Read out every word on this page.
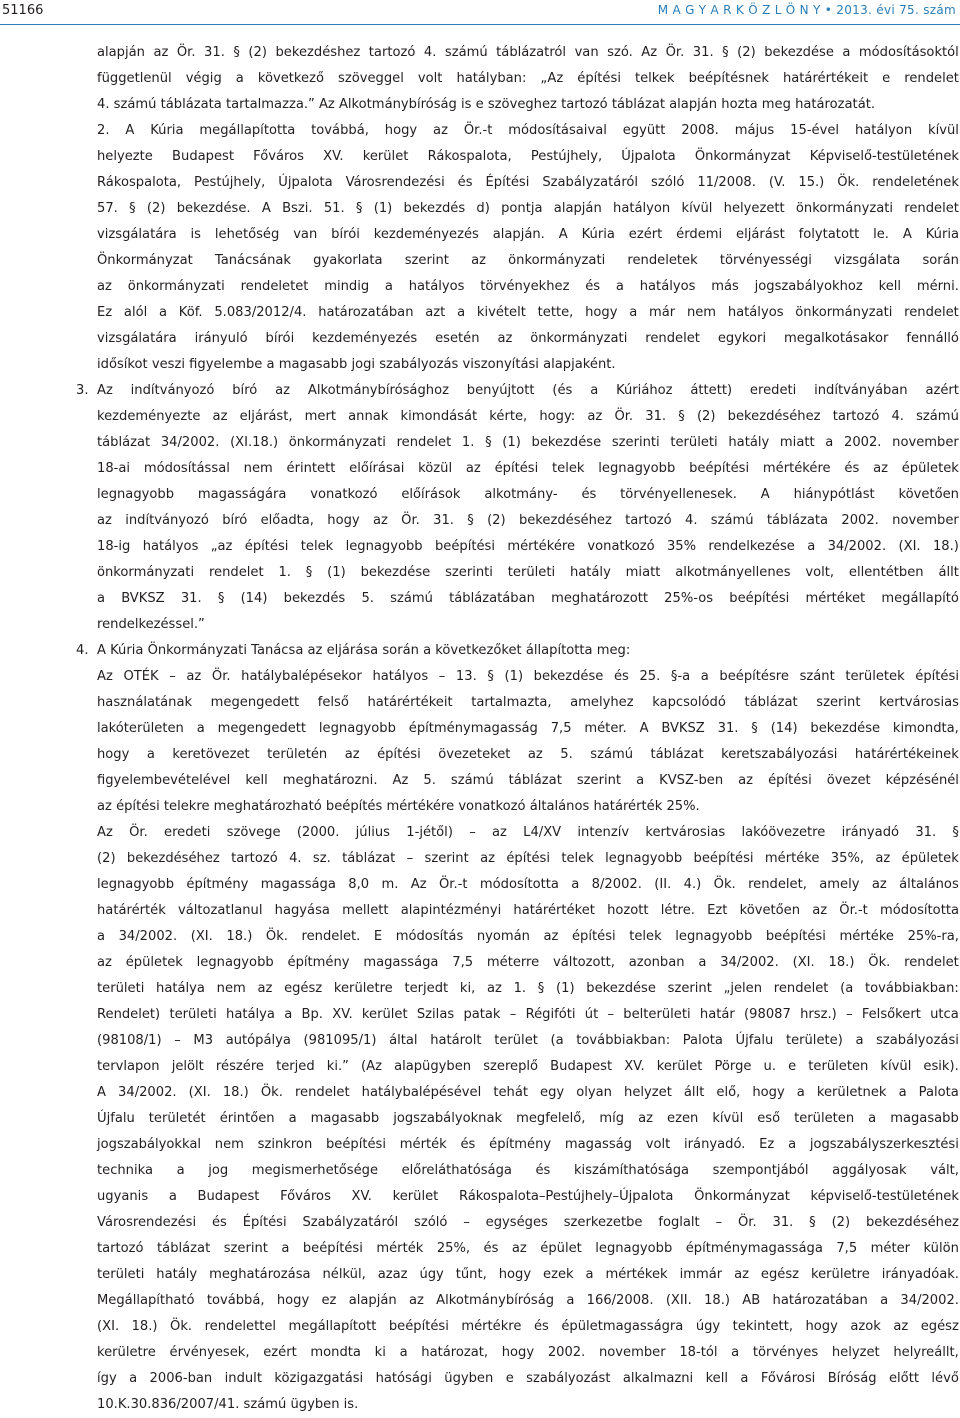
51166	M A G Y A R K Ö Z L Ö N Y • 2013. évi 75. szám
alapján az Ör. 31. § (2) bekezdéshez tartozó 4. számú táblázatról van szó. Az Ör. 31. § (2) bekezdése a módosításoktól
függetlenül végig a következő szöveggel volt hatályban: „Az építési telkek beépítésnek határértékeit e rendelet
4. számú táblázata tartalmazza.” Az Alkotmánybíróság is e szöveghez tartozó táblázat alapján hozta meg határozatát.
2. A Kúria megállapította továbbá, hogy az Ör.-t módosításaival együtt 2008. május 15-ével hatályon kívül
helyezte Budapest Főváros XV. kerület Rákospalota, Pestújhely, Újpalota Önkormányzat Képviselő-testületének
Rákospalota, Pestújhely, Újpalota Városrendezési és Építési Szabályzatáról szóló 11/2008. (V. 15.) Ök. rendeletének
57. § (2) bekezdése. A Bszi. 51. § (1) bekezdés d) pontja alapján hatályon kívül helyezett önkormányzati rendelet
vizsgálatára is lehetőség van bírói kezdeményezés alapján. A Kúria ezért érdemi eljárást folytatott le. A Kúria
Önkormányzat Tanácsának gyakorlata szerint az önkormányzati rendeletek törvényességi vizsgálata során
az önkormányzati rendeletet mindig a hatályos törvényekhez és a hatályos más jogszabályokhoz kell mérni.
Ez alól a Köf. 5.083/2012/4. határozatában azt a kivételt tette, hogy a már nem hatályos önkormányzati rendelet
vizsgálatára irányuló bírói kezdeményezés esetén az önkormányzati rendelet egykori megalkotásakor fennálló
idősíkot veszi figyelembe a magasabb jogi szabályozás viszonyítási alapjaként.
3. Az indítványozó bíró az Alkotmánybírósághoz benyújtott (és a Kúriához áttett) eredeti indítványában azért
kezdeményezte az eljárást, mert annak kimondását kérte, hogy: az Ör. 31. § (2) bekezdéséhez tartozó 4. számú
táblázat 34/2002. (XI.18.) önkormányzati rendelet 1. § (1) bekezdése szerinti területi hatály miatt a 2002. november
18-ai módosítással nem érintett előírásai közül az építési telek legnagyobb beépítési mértékére és az épületek
legnagyobb magasságára vonatkozó előírások alkotmány- és törvényellenesek. A hiánypótlást követően
az indítványozó bíró előadta, hogy az Ör. 31. § (2) bekezdéséhez tartozó 4. számú táblázata 2002. november
18-ig hatályos „az építési telek legnagyobb beépítési mértékére vonatkozó 35% rendelkezése a 34/2002. (XI. 18.)
önkormányzati rendelet 1. § (1) bekezdése szerinti területi hatály miatt alkotmányellenes volt, ellentétben állt
a BVKSZ 31. § (14) bekezdés 5. számú táblázatában meghatározott 25%-os beépítési mértéket megállapító
rendelkezéssel.”
4. A Kúria Önkormányzati Tanácsa az eljárása során a következőket állapította meg:
Az OTÉK – az Ör. hatálybalépésekor hatályos – 13. § (1) bekezdése és 25. §-a a beépítésre szánt területek építési
használatának megengedett felső határértékeit tartalmazta, amelyhez kapcsolódó táblázat szerint kertvárosias
lakóterületen a megengedett legnagyobb építménymagasság 7,5 méter. A BVKSZ 31. § (14) bekezdése kimondta,
hogy a keretövezet területén az építési övezeteket az 5. számú táblázat keretszabályozási határértékeinek
figyelembevételével kell meghatározni. Az 5. számú táblázat szerint a KVSZ-ben az építési övezet képzésénél
az építési telekre meghatározható beépítés mértékére vonatkozó általános határérték 25%.
Az Ör. eredeti szövege (2000. július 1-jétől) – az L4/XV intenzív kertvárosias lakóövezetre irányadó 31. §
(2) bekezdéséhez tartozó 4. sz. táblázat – szerint az építési telek legnagyobb beépítési mértéke 35%, az épületek
legnagyobb építmény magassága 8,0 m. Az Ör.-t módosította a 8/2002. (II. 4.) Ök. rendelet, amely az általános
határérték változatlanul hagyása mellett alapintézményi határértéket hozott létre. Ezt követően az Ör.-t módosította
a 34/2002. (XI. 18.) Ök. rendelet. E módosítás nyomán az építési telek legnagyobb beépítési mértéke 25%-ra,
az épületek legnagyobb építmény magassága 7,5 méterre változott, azonban a 34/2002. (XI. 18.) Ök. rendelet
területi hatálya nem az egész kerületre terjedt ki, az 1. § (1) bekezdése szerint „jelen rendelet (a továbbiakban:
Rendelet) területi hatálya a Bp. XV. kerület Szilas patak – Régifóti út – belterületi határ (98087 hrsz.) – Felsőkert utca
(98108/1) – M3 autópálya (981095/1) által határolt terület (a továbbiakban: Palota Újfalu területe) a szabályozási
tervlapon jelölt részére terjed ki.” (Az alapügyben szereplő Budapest XV. kerület Pörge u. e területen kívül esik).
A 34/2002. (XI. 18.) Ök. rendelet hatálybalépésével tehát egy olyan helyzet állt elő, hogy a kerületnek a Palota
Újfalu területét érintően a magasabb jogszabályoknak megfelelő, míg az ezen kívül eső területen a magasabb
jogszabályokkal nem szinkron beépítési mérték és építmény magasság volt irányadó. Ez a jogszabályszerkesztési
technika a jog megismerhetősége előreláthatósága és kiszámíthatósága szempontjából aggályosak vált,
ugyanis a Budapest Főváros XV. kerület Rákospalota–Pestújhely–Újpalota Önkormányzat képviselő-testületének
Városrendezési és Építési Szabályzatáról szóló – egységes szerkezetbe foglalt – Ör. 31. § (2) bekezdéséhez
tartozó táblázat szerint a beépítési mérték 25%, és az épület legnagyobb építménymagassága 7,5 méter külön
területi hatály meghatározása nélkül, azaz úgy tűnt, hogy ezek a mértékek immár az egész kerületre irányadóak.
Megállapítható továbbá, hogy ez alapján az Alkotmánybíróság a 166/2008. (XII. 18.) AB határozatában a 34/2002.
(XI. 18.) Ök. rendelettel megállapított beépítési mértékre és épületmagasságra úgy tekintett, hogy azok az egész
kerületre érvényesek, ezért mondta ki a határozat, hogy 2002. november 18-tól a törvényes helyzet helyreállt,
így a 2006-ban indult közigazgatási hatósági ügyben e szabályozást alkalmazni kell a Fővárosi Bíróság előtt lévő
10.K.30.836/2007/41. számú ügyben is.
